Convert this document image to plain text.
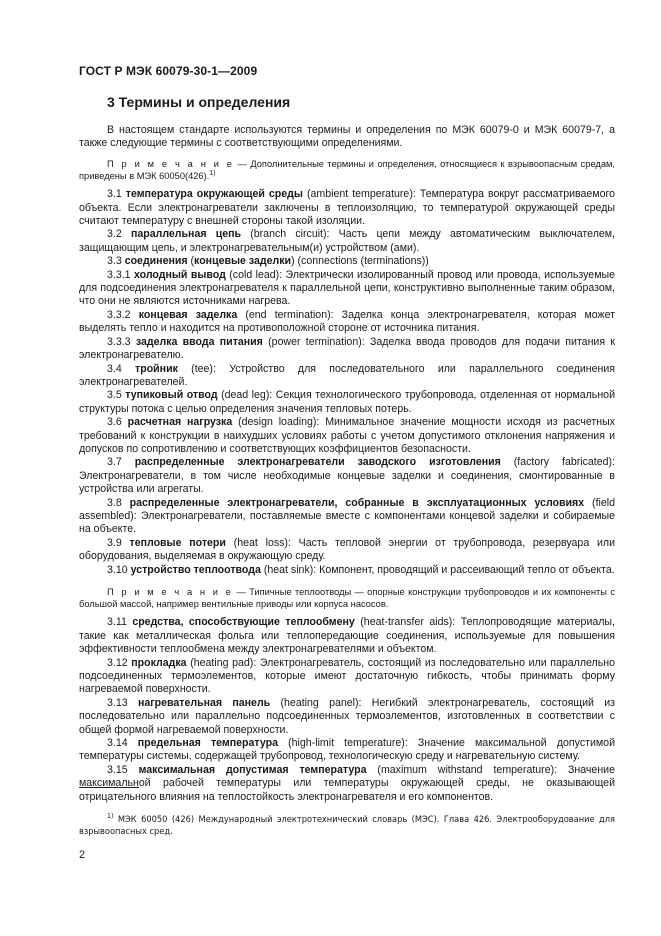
ГОСТ Р МЭК 60079-30-1—2009
3 Термины и определения

В настоящем стандарте используются термины и определения по МЭК 60079-0 и МЭК 60079-7, а также следующие термины с соответствующими определениями.

П р и м е ч а н и е — Дополнительные термины и определения, относящиеся к взрывоопасным средам, приведены в МЭК 60050(426).$^{1)}$

3.1 температура окружающей среды (ambient temperature): Температура вокруг рассматриваемого объекта. Если электронагреватели заключены в теплоизоляцию, то температурой окружающей среды считают температуру с внешней стороны такой изоляции.

3.2 параллельная цепь (branch circuit): Часть цепи между автоматическим выключателем, защищающим цепь, и электронагревательным(и) устройством (ами).

3.3 соединения (концевые заделки) (connections (terminations))

3.3.1 холодный вывод (cold lead): Электрически изолированный провод или провода, используемые для подсоединения электронагревателя к параллельной цепи, конструктивно выполненные таким образом, что они не являются источниками нагрева.

3.3.2 концевая заделка (end termination): Заделка конца электронагревателя, которая может выделять тепло и находится на противоположной стороне от источника питания.

3.3.3 заделка ввода питания (power termination): Заделка ввода проводов для подачи питания к электронагревателю.

3.4 тройник (tee): Устройство для последовательного или параллельного соединения электронагревателей.

3.5 тупиковый отвод (dead leg): Секция технологического трубопровода, отделенная от нормальной структуры потока с целью определения значения тепловых потерь.

3.6 расчетная нагрузка (design loading): Минимальное значение мощности исходя из расчетных требований к конструкции в наихудших условиях работы с учетом допустимого отклонения напряжения и допусков по сопротивлению и соответствующих коэффициентов безопасности.

3.7 распределенные электронагреватели заводского изготовления (factory fabricated): Электронагреватели, в том числе необходимые концевые заделки и соединения, смонтированные в устройства или агрегаты.

3.8 распределенные электронагреватели, собранные в эксплуатационных условиях (field assembled): Электронагреватели, поставляемые вместе с компонентами концевой заделки и собираемые на объекте.

3.9 тепловые потери (heat loss): Часть тепловой энергии от трубопровода, резервуара или оборудования, выделяемая в окружающую среду.

3.10 устройство теплоотвода (heat sink): Компонент, проводящий и рассеивающий тепло от объекта.

П р и м е ч а н и е — Типичные теплоотводы — опорные конструкции трубопроводов и их компоненты с большой массой, например вентильные приводы или корпуса насосов.

3.11 средства, способствующие теплообмену (heat-transfer aids): Теплопроводящие материалы, такие как металлическая фольга или теплопередающие соединения, используемые для повышения эффективности теплообмена между электронагревателями и объектом.

3.12 прокладка (heating pad): Электронагреватель, состоящий из последовательно или параллельно подсоединенных термоэлементов, которые имеют достаточную гибкость, чтобы принимать форму нагреваемой поверхности.

3.13 нагревательная панель (heating panel): Негибкий электронагреватель, состоящий из последовательно или параллельно подсоединенных термоэлементов, изготовленных в соответствии с общей формой нагреваемой поверхности.

3.14 предельная температура (high-limit temperature): Значение максимальной допустимой температуры системы, содержащей трубопровод, технологическую среду и нагревательную систему.

3.15 максимальная допустимая температура (maximum withstand temperature): Значение максимальной рабочей температуры или температуры окружающей среды, не оказывающей отрицательного влияния на теплостойкость электронагревателя и его компонентов.

$^{1)}$ МЭК 60050 (426) Международный электротехнический словарь (МЭС). Глава 426. Электрооборудование для взрывоопасных сред.
2
